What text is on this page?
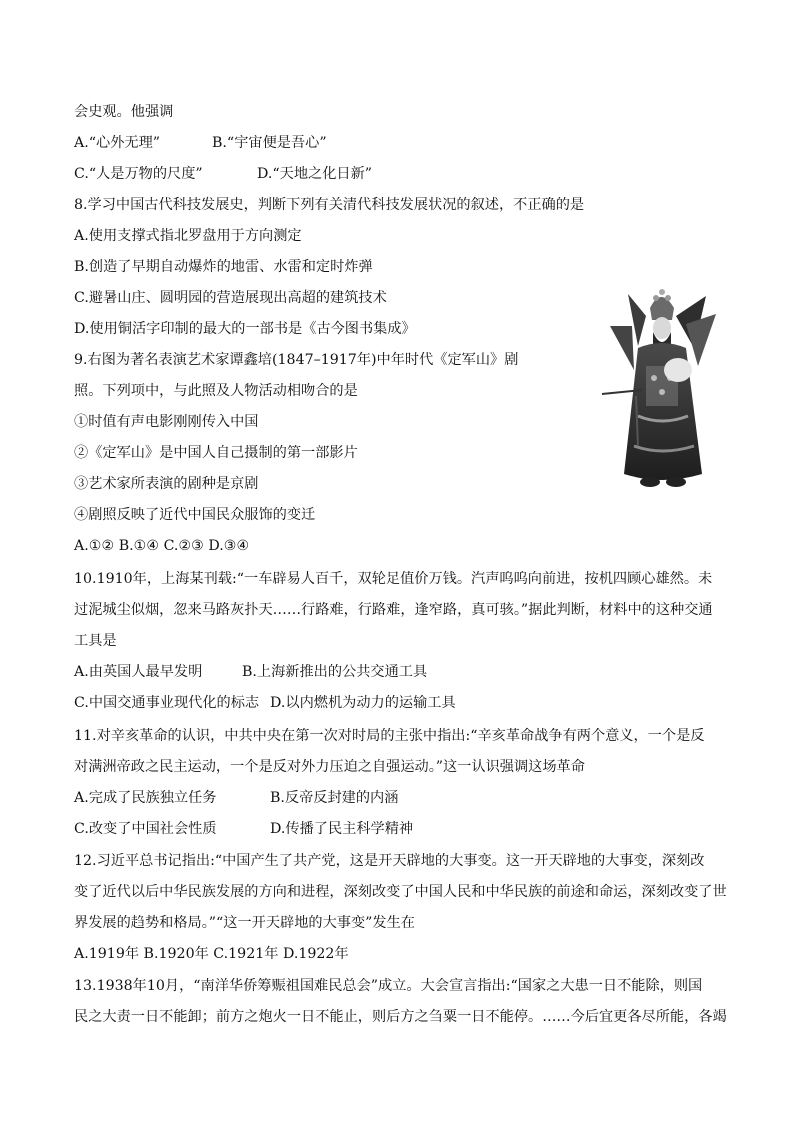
会史观。他强调
A.“心外无理”	B.“宇宙便是吾心”
C.“人是万物的尺度”	D.“天地之化日新”
8.学习中国古代科技发展史，判断下列有关清代科技发展状况的叙述，不正确的是
A.使用支撑式指北罗盘用于方向测定
B.创造了早期自动爆炸的地雷、水雷和定时炸弹
C.避暑山庄、圆明园的营造展现出高超的建筑技术
D.使用铜活字印制的最大的一部书是《古今图书集成》
9.右图为著名表演艺术家谭鑫培(1847–1917年)中年时代《定军山》剧
照。下列项中，与此照及人物活动相吻合的是
①时值有声电影刚刚传入中国
②《定军山》是中国人自己摄制的第一部影片
③艺术家所表演的剧种是京剧
④剧照反映了近代中国民众服饰的变迁
A.①② B.①④ C.②③ D.③④
10.1910年，上海某刊载:“一车辟易人百千，双轮足值价万钱。汽声呜呜向前进，按机四顾心雄然。未
过泥城尘似烟，忽来马路灰扑天……行路难，行路难，逢窄路，真可骇。”据此判断，材料中的这种交通
工具是
A.由英国人最早发明	B.上海新推出的公共交通工具
C.中国交通事业现代化的标志 D.以内燃机为动力的运输工具
11.对辛亥革命的认识，中共中央在第一次对时局的主张中指出:“辛亥革命战争有两个意义，一个是反
对满洲帝政之民主运动，一个是反对外力压迫之自强运动。”这一认识强调这场革命
A.完成了民族独立任务	B.反帝反封建的内涵
C.改变了中国社会性质	D.传播了民主科学精神
12.习近平总书记指出:“中国产生了共产党，这是开天辟地的大事变。这一开天辟地的大事变，深刻改
变了近代以后中华民族发展的方向和进程，深刻改变了中国人民和中华民族的前途和命运，深刻改变了世
界发展的趋势和格局。”“这一开天辟地的大事变”发生在
A.1919年 B.1920年 C.1921年 D.1922年
13.1938年10月，“南洋华侨筹赈祖国难民总会”成立。大会宣言指出:“国家之大患一日不能除，则国
民之大责一日不能卸；前方之炮火一日不能止，则后方之刍粟一日不能停。……今后宜更各尽所能，各竭
